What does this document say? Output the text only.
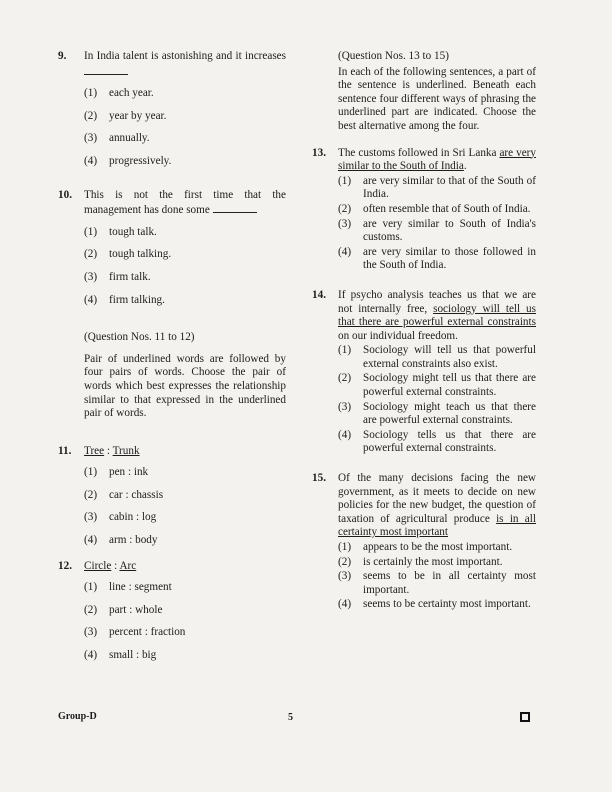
9. In India talent is astonishing and it increases
(1)	each year.
(2)	year by year.
(3)	annually.
(4)	progressively.
10. This is not the first time that the management has done some
(1)	tough talk.
(2)	tough talking.
(3)	firm talk.
(4)	firm talking.
(Question Nos. 11 to 12)
Pair of underlined words are followed by four pairs of words. Choose the pair of words which best expresses the relationship similar to that expressed in the underlined pair of words.
11. Tree : Trunk
(1)	pen : ink
(2)	car : chassis
(3)	cabin : log
(4)	arm : body
12. Circle : Arc
(1)	line : segment
(2)	part : whole
(3)	percent : fraction
(4)	small : big
(Question Nos. 13 to 15)
In each of the following sentences, a part of the sentence is underlined. Beneath each sentence four different ways of phrasing the underlined part are indicated. Choose the best alternative among the four.
13. The customs followed in Sri Lanka are very similar to the South of India.
(1)	are very similar to that of the South of India.
(2)	often resemble that of South of India.
(3)	are very similar to South of India's customs.
(4)	are very similar to those followed in the South of India.
14. If psycho analysis teaches us that we are not internally free, sociology will tell us that there are powerful external constraints on our individual freedom.
(1)	Sociology will tell us that powerful external constraints also exist.
(2)	Sociology might tell us that there are powerful external constraints.
(3)	Sociology might teach us that there are powerful external constraints.
(4)	Sociology tells us that there are powerful external constraints.
15. Of the many decisions facing the new government, as it meets to decide on new policies for the new budget, the question of taxation of agricultural produce is in all certainty most important
(1)	appears to be the most important.
(2)	is certainly the most important.
(3)	seems to be in all certainty most important.
(4)	seems to be certainty most important.
Group-D	5
